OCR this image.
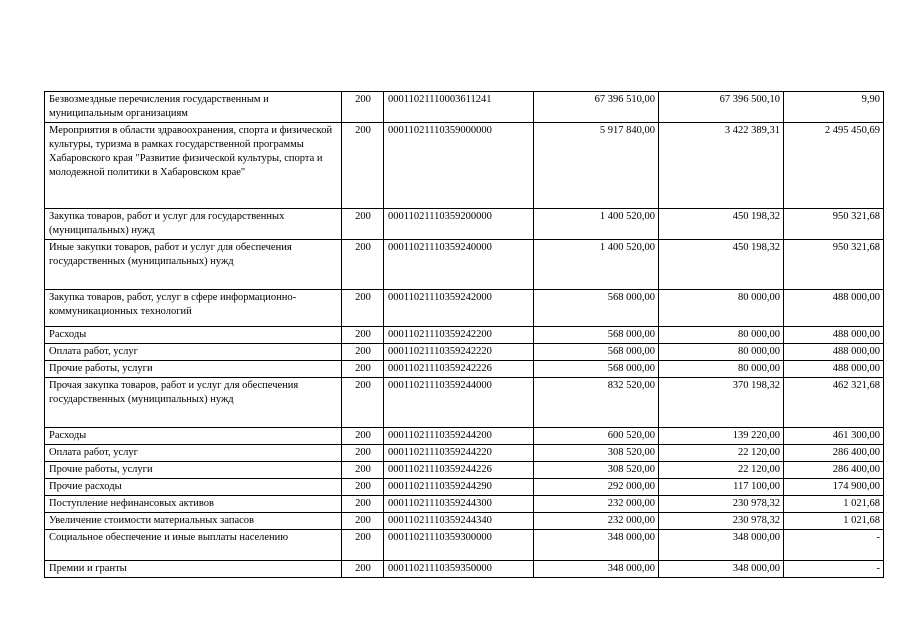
Безвозмездные перечисления государственным и муниципальным организациям	200	00011021110003611241	67 396 510,00	67 396 500,10	9,90
Мероприятия в области здравоохранения, спорта и физической культуры, туризма в рамках государственной программы Хабаровского края "Развитие физической культуры, спорта и молодежной политики в Хабаровском крае"	200	00011021110359000000	5 917 840,00	3 422 389,31	2 495 450,69
Закупка товаров, работ и услуг для государственных (муниципальных) нужд	200	00011021110359200000	1 400 520,00	450 198,32	950 321,68
Иные закупки товаров, работ и услуг для обеспечения государственных (муниципальных) нужд	200	00011021110359240000	1 400 520,00	450 198,32	950 321,68
Закупка товаров, работ, услуг в сфере информационно-коммуникационных технологий	200	00011021110359242000	568 000,00	80 000,00	488 000,00
Расходы	200	00011021110359242200	568 000,00	80 000,00	488 000,00
Оплата работ, услуг	200	00011021110359242220	568 000,00	80 000,00	488 000,00
Прочие работы, услуги	200	00011021110359242226	568 000,00	80 000,00	488 000,00
Прочая закупка товаров, работ и услуг для обеспечения государственных (муниципальных) нужд	200	00011021110359244000	832 520,00	370 198,32	462 321,68
Расходы	200	00011021110359244200	600 520,00	139 220,00	461 300,00
Оплата работ, услуг	200	00011021110359244220	308 520,00	22 120,00	286 400,00
Прочие работы, услуги	200	00011021110359244226	308 520,00	22 120,00	286 400,00
Прочие расходы	200	00011021110359244290	292 000,00	117 100,00	174 900,00
Поступление нефинансовых активов	200	00011021110359244300	232 000,00	230 978,32	1 021,68
Увеличение стоимости материальных запасов	200	00011021110359244340	232 000,00	230 978,32	1 021,68
Социальное обеспечение и иные выплаты населению	200	00011021110359300000	348 000,00	348 000,00	-
Премии и гранты	200	00011021110359350000	348 000,00	348 000,00	-
